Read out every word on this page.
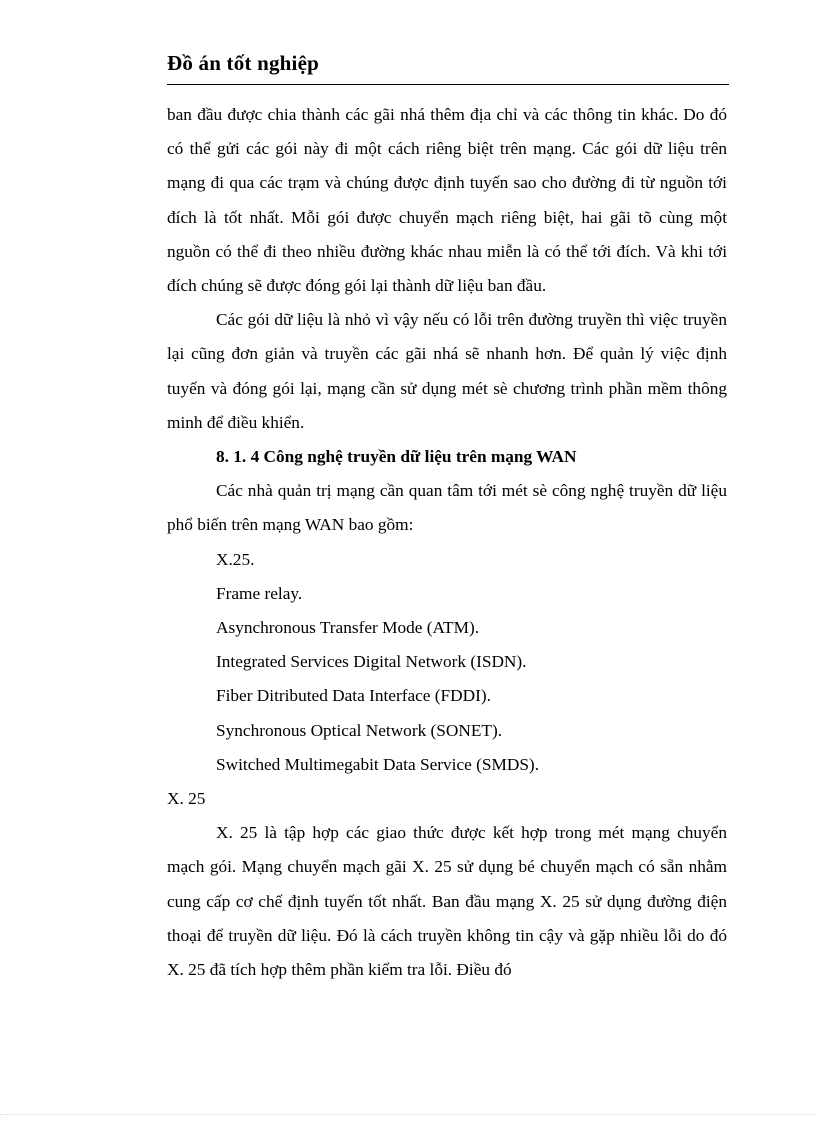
Đồ án tốt nghiệp

ban đầu được chia thành các gãi nhá thêm địa chỉ và các thông tin khác. Do đó có thể gửi các gói này đi một cách riêng biệt trên mạng. Các gói dữ liệu trên mạng đi qua các trạm và chúng được định tuyến sao cho đường đi từ nguồn tới đích là tốt nhất. Mỗi gói được chuyển mạch riêng biệt, hai gãi tõ cùng một nguồn có thể đi theo nhiều đường khác nhau miễn là có thể tới đích. Và khi tới đích chúng sẽ được đóng gói lại thành dữ liệu ban đầu.

Các gói dữ liệu là nhỏ vì vậy nếu có lỗi trên đường truyền thì việc truyền lại cũng đơn giản và truyền các gãi nhá sẽ nhanh hơn. Để quản lý việc định tuyến và đóng gói lại, mạng cần sử dụng mét sè chương trình phần mềm thông minh để điều khiển.

8. 1. 4 Công nghệ truyền dữ liệu trên mạng WAN

Các nhà quản trị mạng cần quan tâm tới mét sè công nghệ truyền dữ liệu phổ biến trên mạng WAN bao gồm:

X.25.

Frame relay.

Asynchronous Transfer Mode (ATM).

Integrated Services Digital Network (ISDN).

Fiber Ditributed Data Interface (FDDI).

Synchronous Optical Network (SONET).

Switched Multimegabit Data Service (SMDS).

X. 25

X. 25 là tập hợp các giao thức được kết hợp trong mét mạng chuyển mạch gói. Mạng chuyển mạch gãi X. 25 sử dụng bé chuyển mạch có sẵn nhằm cung cấp cơ chế định tuyến tốt nhất. Ban đầu mạng X. 25 sử dụng đường điện thoại để truyền dữ liệu. Đó là cách truyền không tin cậy và gặp nhiều lỗi do đó X. 25 đã tích hợp thêm phần kiểm tra lỗi. Điều đó
